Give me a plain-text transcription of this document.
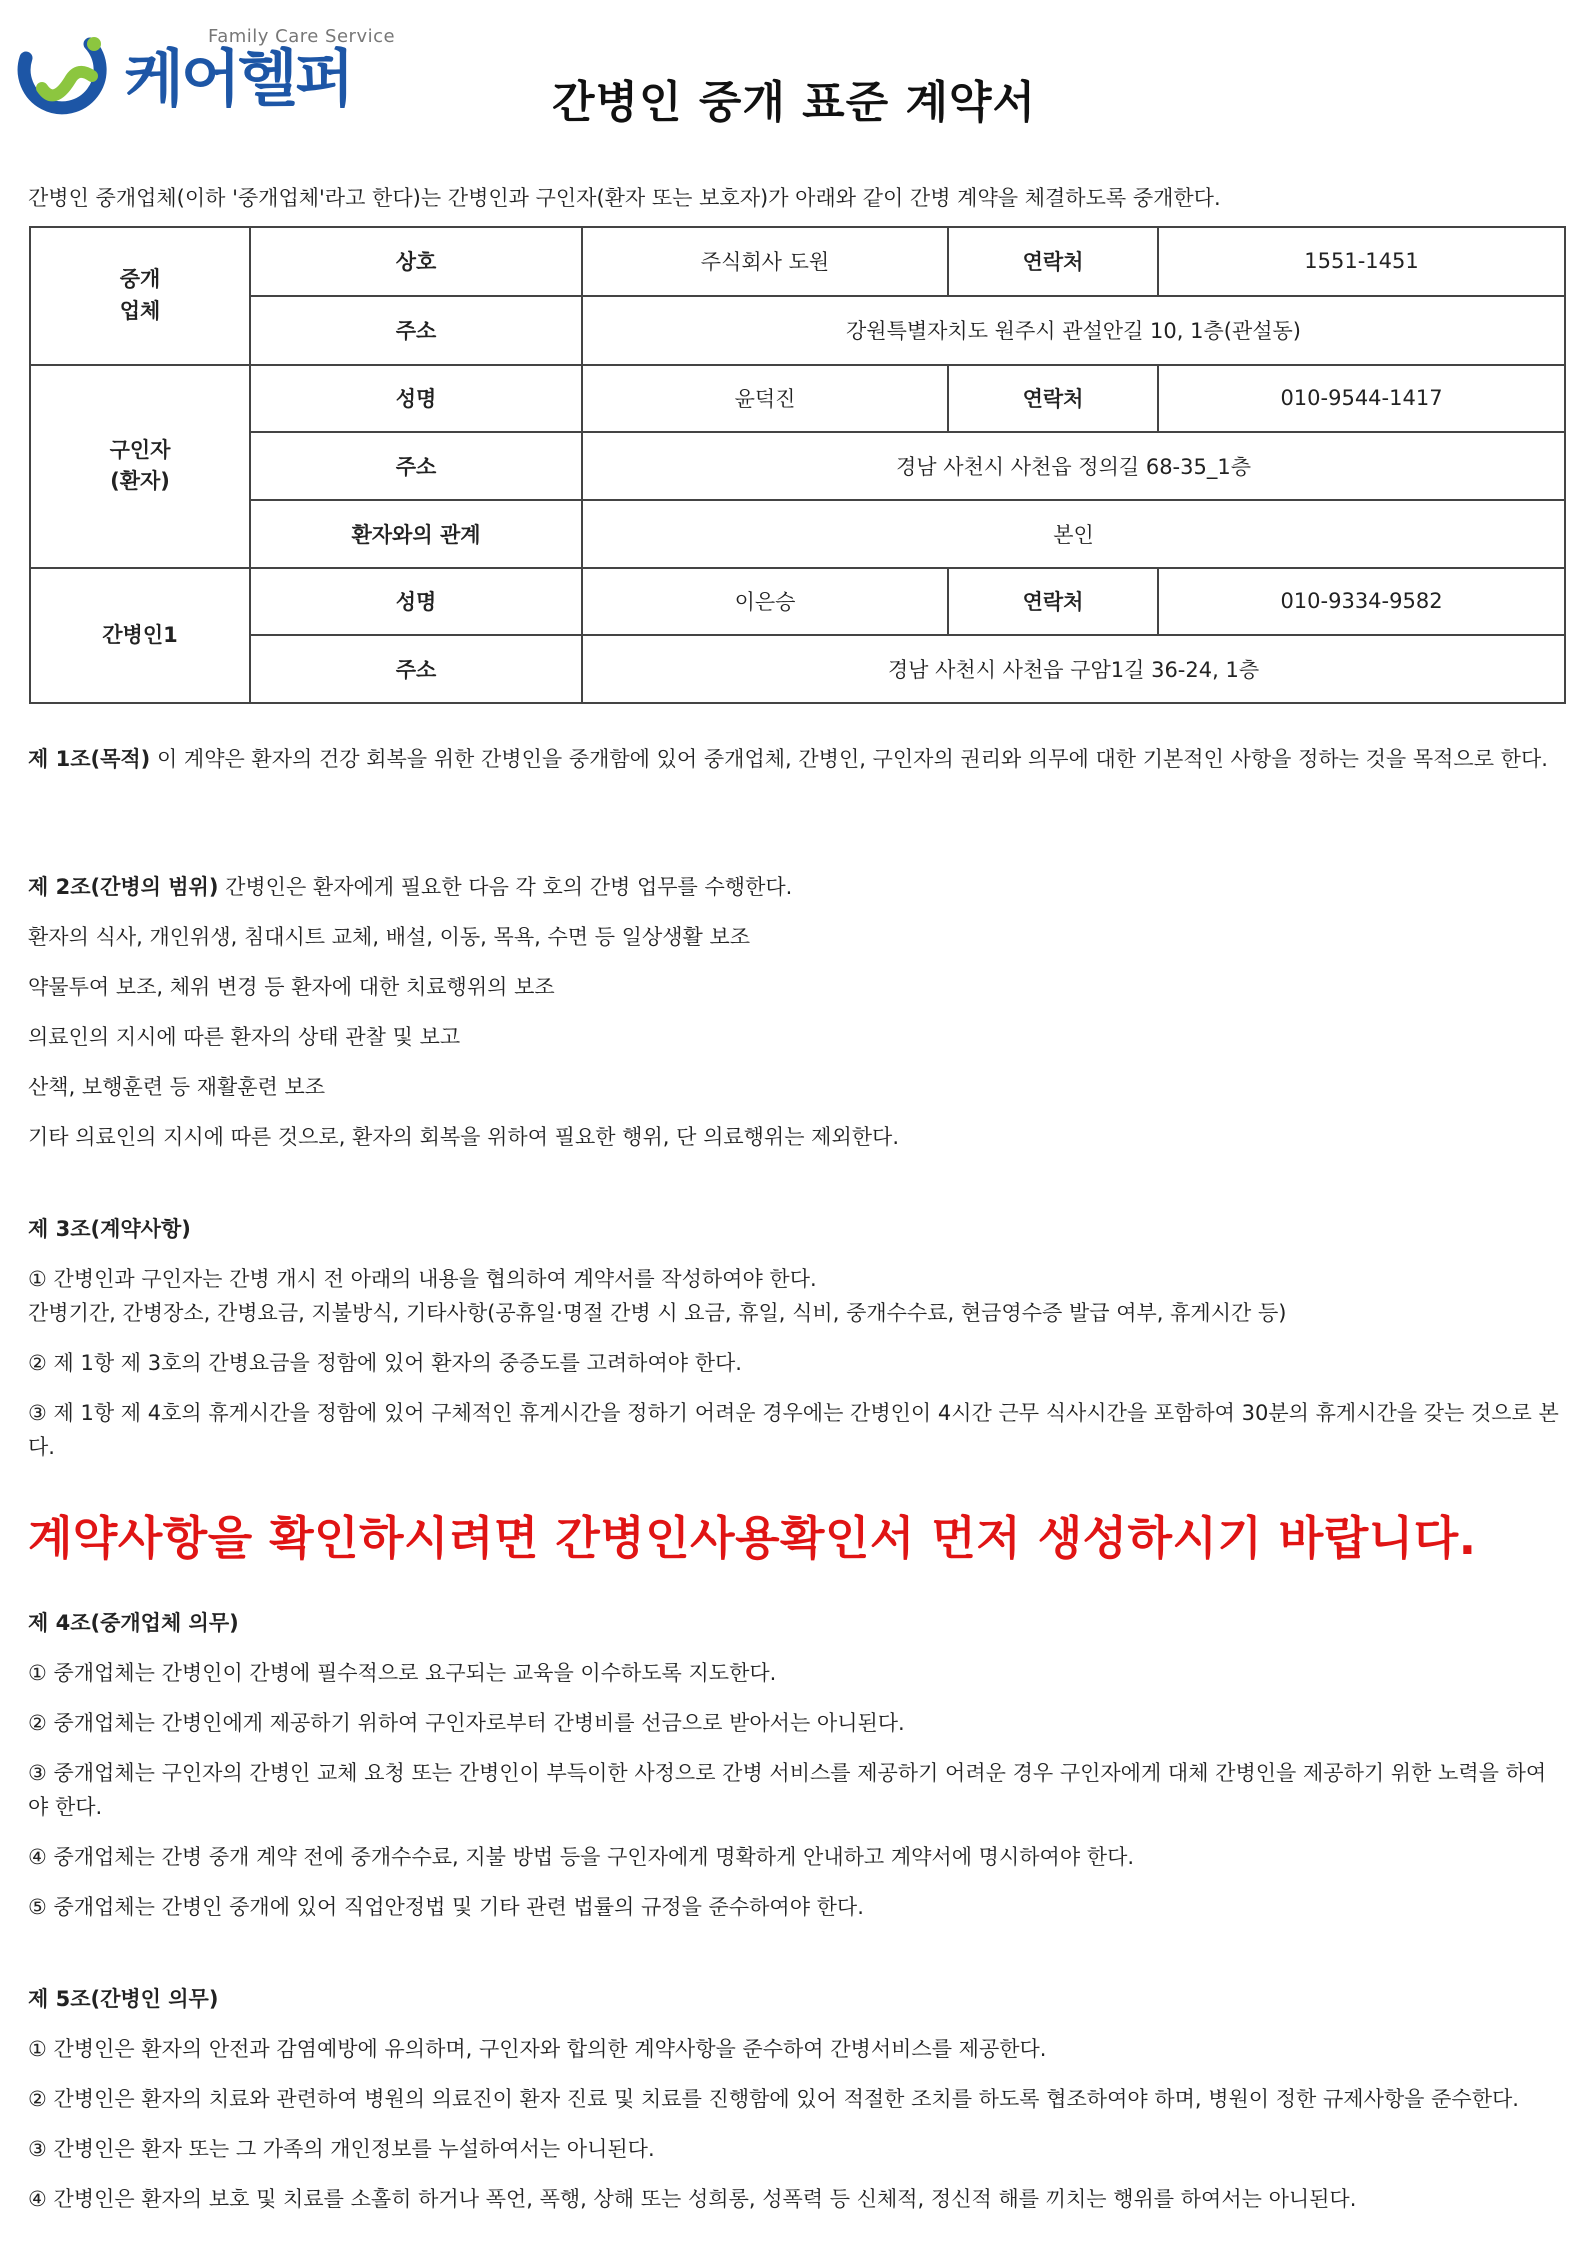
Family Care Service
케어헬퍼	간병인 중개 표준 계약서
간병인 중개업체(이하 '중개업체'라고 한다)는 간병인과 구인자(환자 또는 보호자)가 아래와 같이 간병 계약을 체결하도록 중개한다.
중개
업체	상호	주식회사 도원	연락처	1551-1451
	주소	강원특별자치도 원주시 관설안길 10, 1층(관설동)		

구인자
(환자)	성명	윤덕진	연락처	010-9544-1417
	주소	경남 사천시 사천읍 정의길 68-35_1층		
	환자와의 관계	본인		

간병인1	성명	이은승	연락처	010-9334-9582
	주소	경남 사천시 사천읍 구암1길 36-24, 1층		

제 1조(목적) 이 계약은 환자의 건강 회복을 위한 간병인을 중개함에 있어 중개업체, 간병인, 구인자의 권리와 의무에 대한 기본적인 사항을 정하는 것을 목적으로 한다.

제 2조(간병의 범위) 간병인은 환자에게 필요한 다음 각 호의 간병 업무를 수행한다.

환자의 식사, 개인위생, 침대시트 교체, 배설, 이동, 목욕, 수면 등 일상생활 보조

약물투여 보조, 체위 변경 등 환자에 대한 치료행위의 보조

의료인의 지시에 따른 환자의 상태 관찰 및 보고

산책, 보행훈련 등 재활훈련 보조

기타 의료인의 지시에 따른 것으로, 환자의 회복을 위하여 필요한 행위, 단 의료행위는 제외한다.

제 3조(계약사항)

① 간병인과 구인자는 간병 개시 전 아래의 내용을 협의하여 계약서를 작성하여야 한다.

간병기간, 간병장소, 간병요금, 지불방식, 기타사항(공휴일·명절 간병 시 요금, 휴일, 식비, 중개수수료, 현금영수증 발급 여부, 휴게시간 등)

② 제 1항 제 3호의 간병요금을 정함에 있어 환자의 중증도를 고려하여야 한다.

③ 제 1항 제 4호의 휴게시간을 정함에 있어 구체적인 휴게시간을 정하기 어려운 경우에는 간병인이 4시간 근무 식사시간을 포함하여 30분의 휴게시간을 갖는 것으로 본다.

계약사항을 확인하시려면 간병인사용확인서 먼저 생성하시기 바랍니다.

제 4조(중개업체 의무)

① 중개업체는 간병인이 간병에 필수적으로 요구되는 교육을 이수하도록 지도한다.

② 중개업체는 간병인에게 제공하기 위하여 구인자로부터 간병비를 선금으로 받아서는 아니된다.

③ 중개업체는 구인자의 간병인 교체 요청 또는 간병인이 부득이한 사정으로 간병 서비스를 제공하기 어려운 경우 구인자에게 대체 간병인을 제공하기 위한 노력을 하여야 한다.

④ 중개업체는 간병 중개 계약 전에 중개수수료, 지불 방법 등을 구인자에게 명확하게 안내하고 계약서에 명시하여야 한다.

⑤ 중개업체는 간병인 중개에 있어 직업안정법 및 기타 관련 법률의 규정을 준수하여야 한다.

제 5조(간병인 의무)

① 간병인은 환자의 안전과 감염예방에 유의하며, 구인자와 합의한 계약사항을 준수하여 간병서비스를 제공한다.

② 간병인은 환자의 치료와 관련하여 병원의 의료진이 환자 진료 및 치료를 진행함에 있어 적절한 조치를 하도록 협조하여야 하며, 병원이 정한 규제사항을 준수한다.

③ 간병인은 환자 또는 그 가족의 개인정보를 누설하여서는 아니된다.

④ 간병인은 환자의 보호 및 치료를 소홀히 하거나 폭언, 폭행, 상해 또는 성희롱, 성폭력 등 신체적, 정신적 해를 끼치는 행위를 하여서는 아니된다.
